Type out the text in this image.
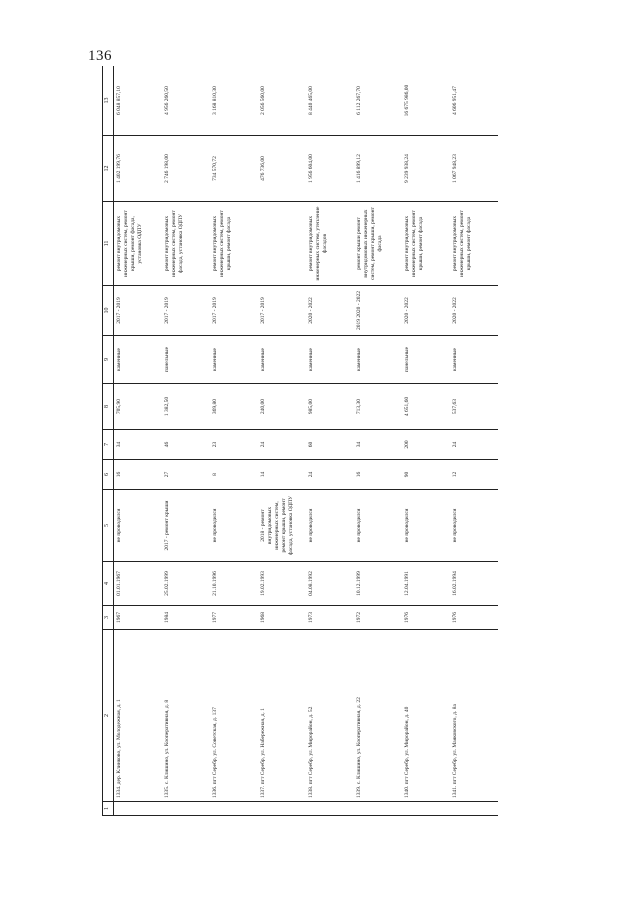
136
1	2	3	4	5	6	7	8	9	10	11	12	13
	1334. дер. Клинково, ул. Молодежная, д. 1	1967	01.01.1967	не проводился	16	34	705,90	каменные	2017 - 2019	ремонт внутридомовых инженерных систем, ремонт крыши, ремонт фасада, установка ОДПУ	1 402 199,76	6 048 857,10
	1335. с. Клишино, ул. Кооперативная, д. 8	1984	25.02.1999	2017 - ремонт крыши	27	46	1 382,50	панельные	2017 - 2019	ремонт внутридомовых инженерных систем, ремонт фасада, установка ОДПУ	2 746 198,00	4 956 260,50
	1336. пгт Серебр, ул. Советская, д. 137	1977	21.10.1996	не проводился	8	23	369,80	каменные	2017 - 2019	ремонт внутридомовых инженерных систем, ремонт крыши, ремонт фасада	734 570,72	3 168 810,30
	1337. пгт Серебр, ул. Набережная, д. 1	1968	19.02.1993	2018 - ремонт внутридомовых инженерных систем, ремонт крыши, ремонт фасада, установка ОДПУ	14	24	240,00	каменные	2017 - 2019		476 736,00	2 056 560,00
	1338. пгт Серебр, ул. Мирорайон, д. 52	1973	04.08.1992	не проводился	24	60	985,00	каменные	2020 - 2022	ремонт внутридомовых инженерных систем, утепление фасадов	1 956 604,00	8 440 465,00
	1339. с. Клишино, ул. Кооперативная, д. 22	1972	10.12.1999	не проводился	16	34	713,30	каменные	2019 2020 - 2022	ремонт крыши ремонт внутридомовых инженерных систем, ремонт крыши, ремонт фасада	1 416 899,12	6 112 267,70
	1340. пгт Серебр, ул. Мирорайон, д. 40	1976	12.04.1991	не проводился	90	200	4 651,60	панельные	2020 - 2022	ремонт внутридомовых инженерных систем, ремонт крыши, ремонт фасада	9 239 938,24	16 675 986,00
	1341. пгт Серебр, ул. Маяковского, д. 8а	1976	16.02.1994	не проводился	12	24	537,63	каменные	2020 - 2022	ремонт внутридомовых инженерных систем, ремонт крыши, ремонт фасада	1 067 948,23	4 606 951,47
